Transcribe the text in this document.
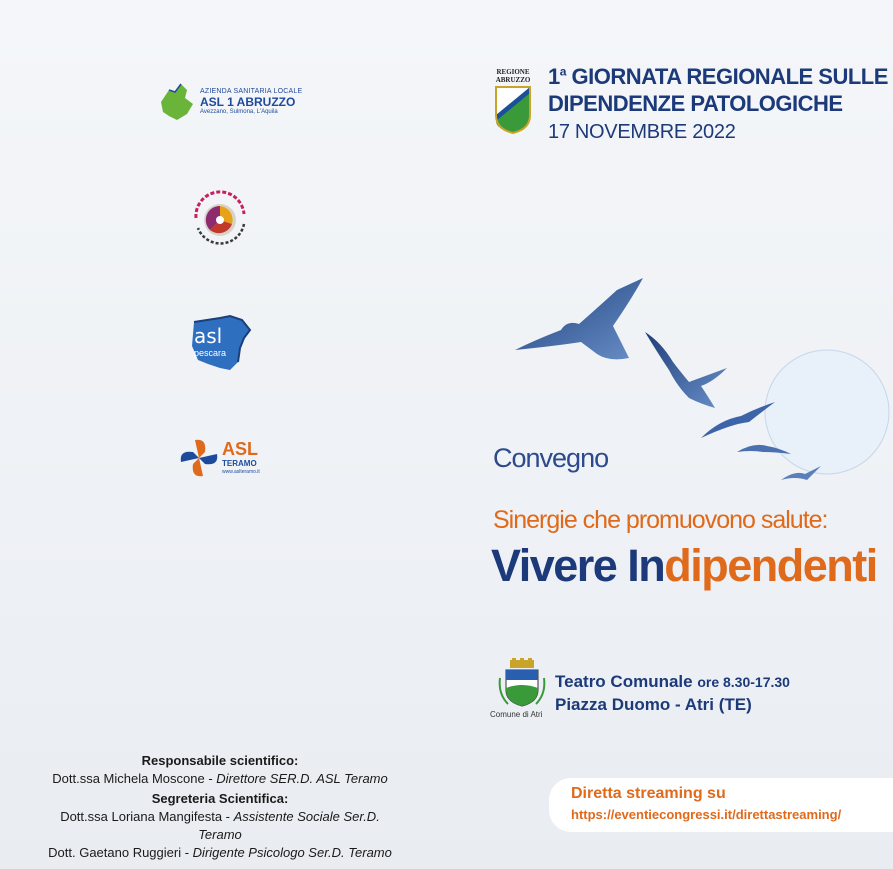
AZIENDA SANITARIA LOCALE
ASL 1 ABRUZZO
Avezzano, Sulmona, L'Aquila
asl
pescara
ASL
TERAMO
www.aslteramo.it
REGIONE
ABRUZZO 1$^a$ GIORNATA REGIONALE SULLE
DIPENDENZE PATOLOGICHE
17 NOVEMBRE 2022
Convegno
Sinergie che promuovono salute:
Vivere Indipendenti
Comune di Atri
Teatro Comunale ore 8.30-17.30
Piazza Duomo - Atri (TE)
Responsabile scientifico:
Dott.ssa Michela Moscone - Direttore SER.D. ASL Teramo
Segreteria Scientifica:
Dott.ssa Loriana Mangifesta - Assistente Sociale Ser.D. Teramo
Dott. Gaetano Ruggieri - Dirigente Psicologo Ser.D. Teramo
Diretta streaming su
https://eventiecongressi.it/direttastreaming/
